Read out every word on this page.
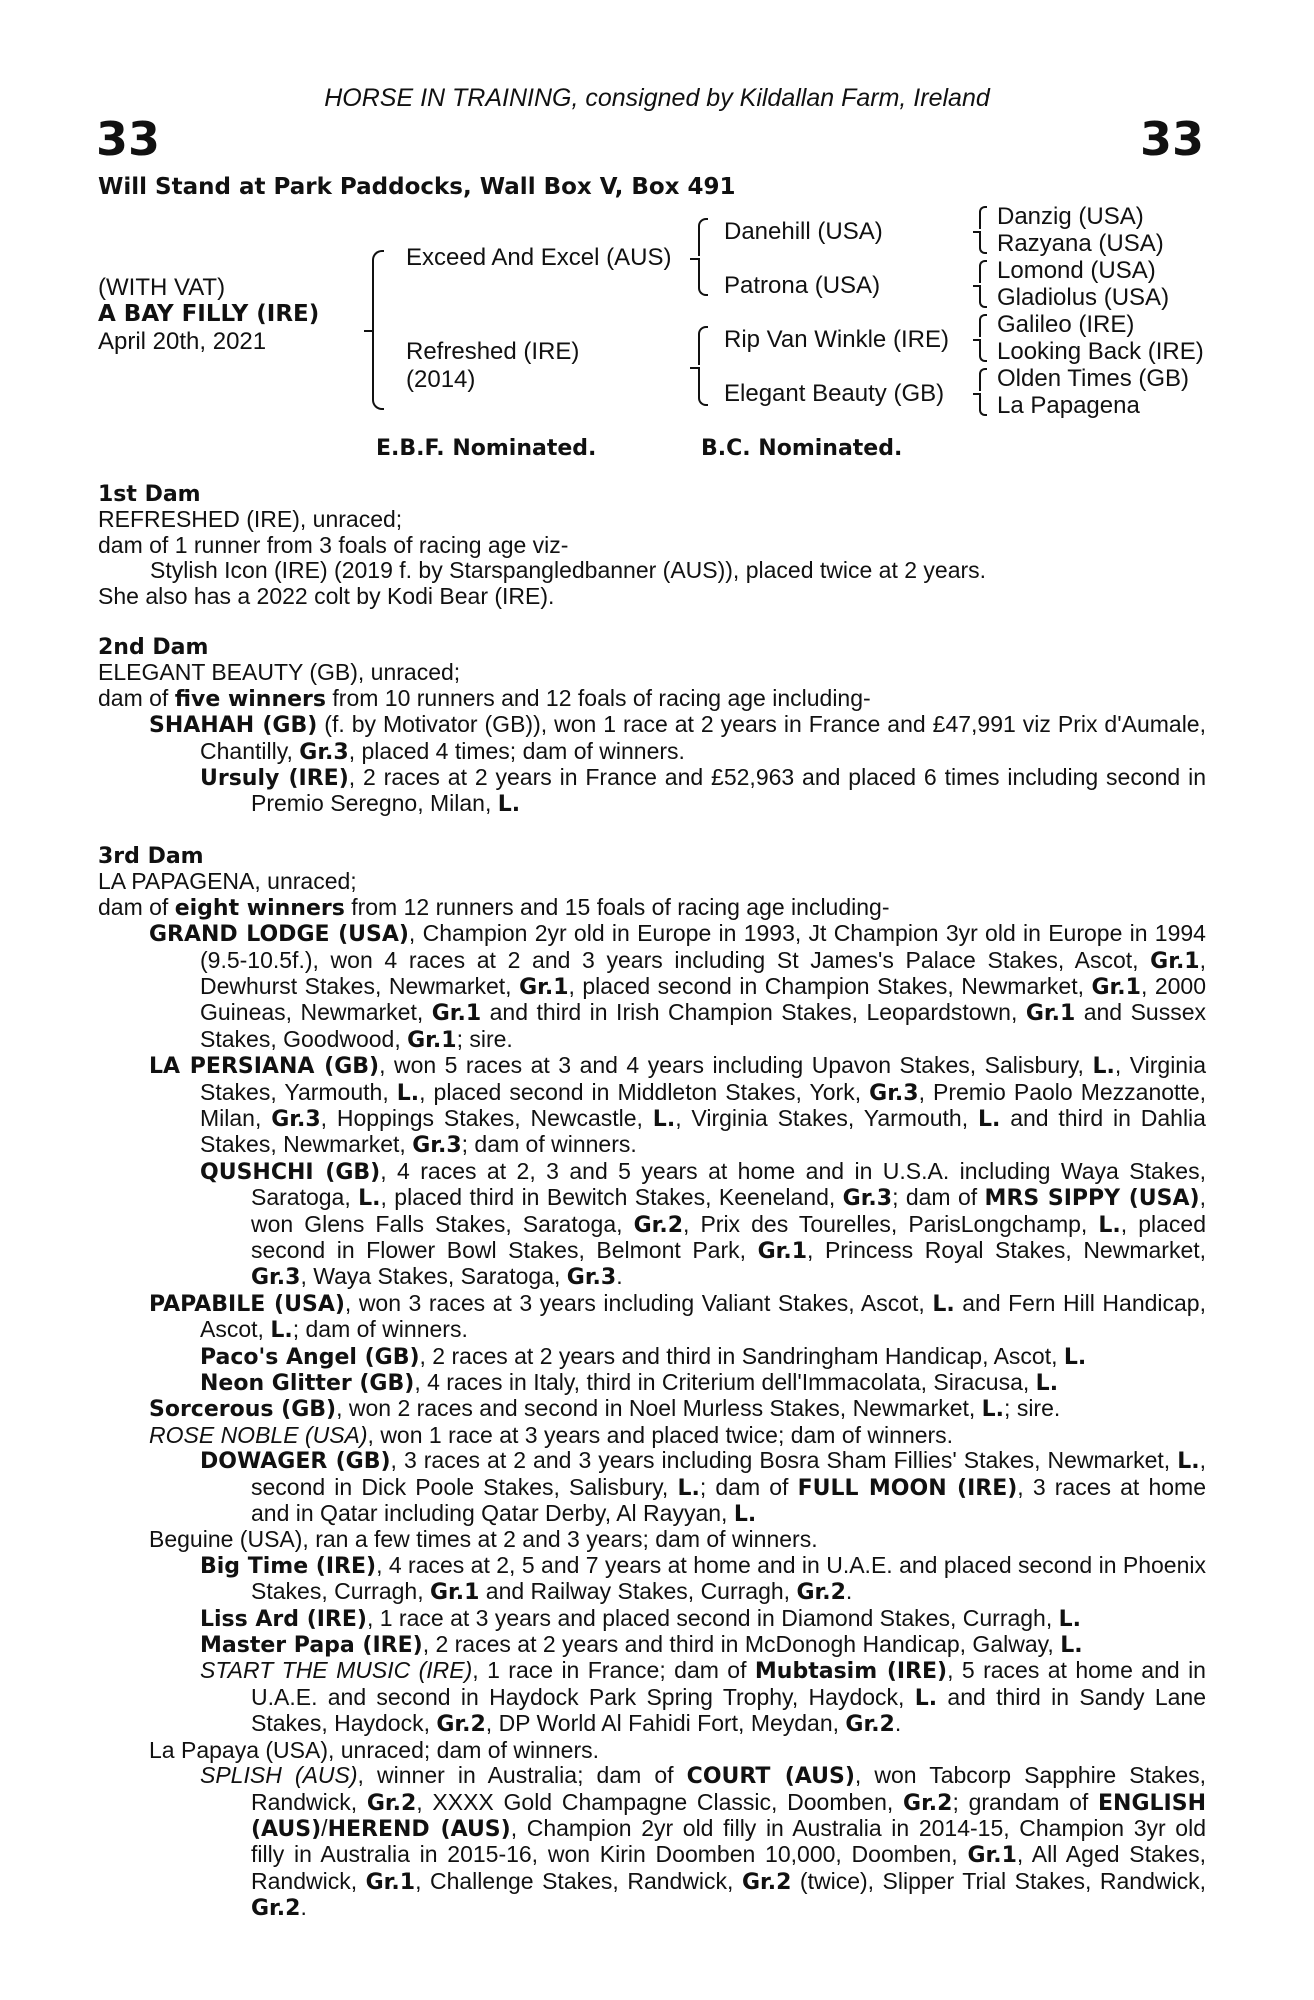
HORSE IN TRAINING, consigned by Kildallan Farm, Ireland
33	33
Will Stand at Park Paddocks, Wall Box V, Box 491
(WITH VAT)
A BAY FILLY (IRE)
April 20th, 2021
Exceed And Excel (AUS)
Refreshed (IRE)
(2014)
Danehill (USA)
Patrona (USA)
Rip Van Winkle (IRE)
Elegant Beauty (GB)
Danzig (USA)
Razyana (USA)
Lomond (USA)
Gladiolus (USA)
Galileo (IRE)
Looking Back (IRE)
Olden Times (GB)
La Papagena
E.B.F. Nominated.	B.C. Nominated.
1st Dam
REFRESHED (IRE), unraced;
dam of 1 runner from 3 foals of racing age viz-
Stylish Icon (IRE) (2019 f. by Starspangledbanner (AUS)), placed twice at 2 years.
She also has a 2022 colt by Kodi Bear (IRE).
2nd Dam
ELEGANT BEAUTY (GB), unraced;
dam of five winners from 10 runners and 12 foals of racing age including-
SHAHAH (GB) (f. by Motivator (GB)), won 1 race at 2 years in France and £47,991 viz Prix d'Aumale, Chantilly, Gr.3, placed 4 times; dam of winners.
Ursuly (IRE), 2 races at 2 years in France and £52,963 and placed 6 times including second in Premio Seregno, Milan, L.
3rd Dam
LA PAPAGENA, unraced;
dam of eight winners from 12 runners and 15 foals of racing age including-
GRAND LODGE (USA), Champion 2yr old in Europe in 1993, Jt Champion 3yr old in Europe in 1994 (9.5-10.5f.), won 4 races at 2 and 3 years including St James's Palace Stakes, Ascot, Gr.1, Dewhurst Stakes, Newmarket, Gr.1, placed second in Champion Stakes, Newmarket, Gr.1, 2000 Guineas, Newmarket, Gr.1 and third in Irish Champion Stakes, Leopardstown, Gr.1 and Sussex Stakes, Goodwood, Gr.1; sire.
LA PERSIANA (GB), won 5 races at 3 and 4 years including Upavon Stakes, Salisbury, L., Virginia Stakes, Yarmouth, L., placed second in Middleton Stakes, York, Gr.3, Premio Paolo Mezzanotte, Milan, Gr.3, Hoppings Stakes, Newcastle, L., Virginia Stakes, Yarmouth, L. and third in Dahlia Stakes, Newmarket, Gr.3; dam of winners.
QUSHCHI (GB), 4 races at 2, 3 and 5 years at home and in U.S.A. including Waya Stakes, Saratoga, L., placed third in Bewitch Stakes, Keeneland, Gr.3; dam of MRS SIPPY (USA), won Glens Falls Stakes, Saratoga, Gr.2, Prix des Tourelles, ParisLongchamp, L., placed second in Flower Bowl Stakes, Belmont Park, Gr.1, Princess Royal Stakes, Newmarket, Gr.3, Waya Stakes, Saratoga, Gr.3.
PAPABILE (USA), won 3 races at 3 years including Valiant Stakes, Ascot, L. and Fern Hill Handicap, Ascot, L.; dam of winners.
Paco's Angel (GB), 2 races at 2 years and third in Sandringham Handicap, Ascot, L.
Neon Glitter (GB), 4 races in Italy, third in Criterium dell'Immacolata, Siracusa, L.
Sorcerous (GB), won 2 races and second in Noel Murless Stakes, Newmarket, L.; sire.
ROSE NOBLE (USA), won 1 race at 3 years and placed twice; dam of winners.
DOWAGER (GB), 3 races at 2 and 3 years including Bosra Sham Fillies' Stakes, Newmarket, L., second in Dick Poole Stakes, Salisbury, L.; dam of FULL MOON (IRE), 3 races at home and in Qatar including Qatar Derby, Al Rayyan, L.
Beguine (USA), ran a few times at 2 and 3 years; dam of winners.
Big Time (IRE), 4 races at 2, 5 and 7 years at home and in U.A.E. and placed second in Phoenix Stakes, Curragh, Gr.1 and Railway Stakes, Curragh, Gr.2.
Liss Ard (IRE), 1 race at 3 years and placed second in Diamond Stakes, Curragh, L.
Master Papa (IRE), 2 races at 2 years and third in McDonogh Handicap, Galway, L.
START THE MUSIC (IRE), 1 race in France; dam of Mubtasim (IRE), 5 races at home and in U.A.E. and second in Haydock Park Spring Trophy, Haydock, L. and third in Sandy Lane Stakes, Haydock, Gr.2, DP World Al Fahidi Fort, Meydan, Gr.2.
La Papaya (USA), unraced; dam of winners.
SPLISH (AUS), winner in Australia; dam of COURT (AUS), won Tabcorp Sapphire Stakes, Randwick, Gr.2, XXXX Gold Champagne Classic, Doomben, Gr.2; grandam of ENGLISH (AUS)/HEREND (AUS), Champion 2yr old filly in Australia in 2014-15, Champion 3yr old filly in Australia in 2015-16, won Kirin Doomben 10,000, Doomben, Gr.1, All Aged Stakes, Randwick, Gr.1, Challenge Stakes, Randwick, Gr.2 (twice), Slipper Trial Stakes, Randwick, Gr.2.
